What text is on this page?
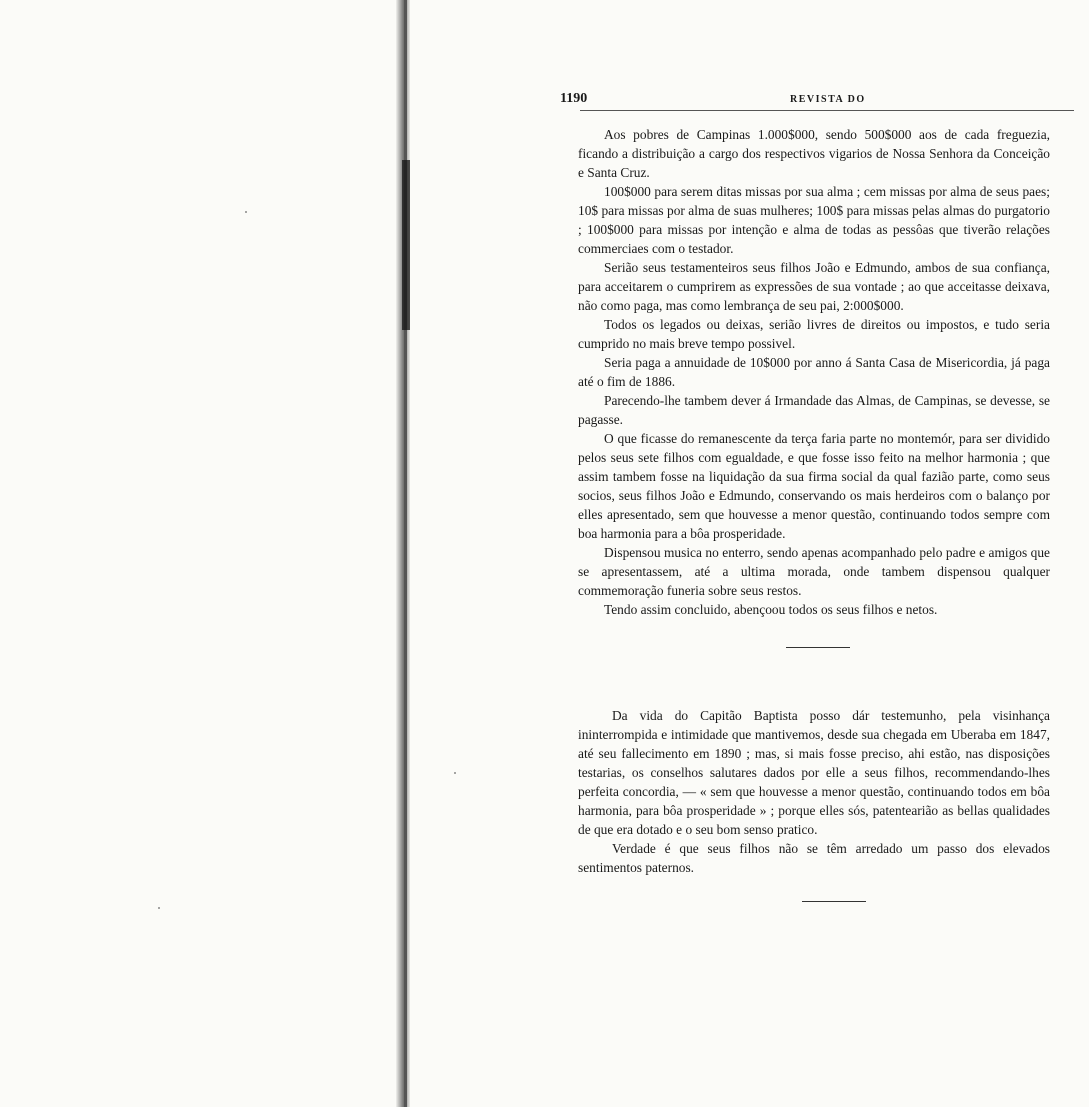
1190	REVISTA DO

Aos pobres de Campinas 1.000$000, sendo 500$000 aos de cada freguezia, ficando a distribuição a cargo dos respectivos vigarios de Nossa Senhora da Conceição e Santa Cruz.

100$000 para serem ditas missas por sua alma ; cem missas por alma de seus paes; 10$ para missas por alma de suas mulheres; 100$ para missas pelas almas do purgatorio ; 100$000 para missas por intenção e alma de todas as pessôas que tiverão relações commerciaes com o testador.

Serião seus testamenteiros seus filhos João e Edmundo, ambos de sua confiança, para acceitarem o cumprirem as expressões de sua vontade ; ao que acceitasse deixava, não como paga, mas como lembrança de seu pai, 2:000$000.

Todos os legados ou deixas, serião livres de direitos ou impostos, e tudo seria cumprido no mais breve tempo possivel.

Seria paga a annuidade de 10$000 por anno á Santa Casa de Misericordia, já paga até o fim de 1886.

Parecendo-lhe tambem dever á Irmandade das Almas, de Campinas, se devesse, se pagasse.

O que ficasse do remanescente da terça faria parte no montemór, para ser dividido pelos seus sete filhos com egualdade, e que fosse isso feito na melhor harmonia ; que assim tambem fosse na liquidação da sua firma social da qual fazião parte, como seus socios, seus filhos João e Edmundo, conservando os mais herdeiros com o balanço por elles apresentado, sem que houvesse a menor questão, continuando todos sempre com boa harmonia para a bôa prosperidade.

Dispensou musica no enterro, sendo apenas acompanhado pelo padre e amigos que se apresentassem, até a ultima morada, onde tambem dispensou qualquer commemoração funeria sobre seus restos.

Tendo assim concluido, abençoou todos os seus filhos e netos.

Da vida do Capitão Baptista posso dár testemunho, pela visinhança ininterrompida e intimidade que mantivemos, desde sua chegada em Uberaba em 1847, até seu fallecimento em 1890 ; mas, si mais fosse preciso, ahi estão, nas disposições testarias, os conselhos salutares dados por elle a seus filhos, recommendando-lhes perfeita concordia, — « sem que houvesse a menor questão, continuando todos em bôa harmonia, para bôa prosperidade » ; porque elles sós, patentearião as bellas qualidades de que era dotado e o seu bom senso pratico.

Verdade é que seus filhos não se têm arredado um passo dos elevados sentimentos paternos.
